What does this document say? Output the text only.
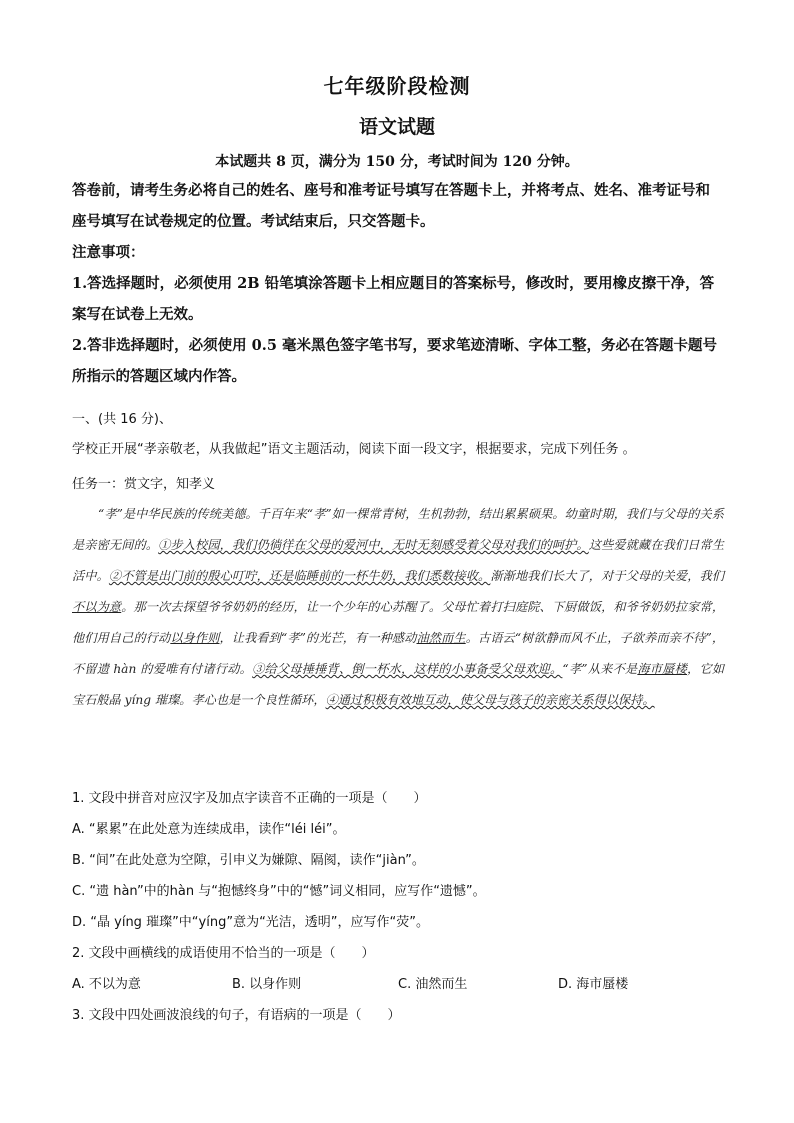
七年级阶段检测
语文试题
本试题共 8 页，满分为 150 分，考试时间为 120 分钟。
答卷前，请考生务必将自己的姓名、座号和准考证号填写在答题卡上，并将考点、姓名、准考证号和座号填写在试卷规定的位置。考试结束后，只交答题卡。
注意事项：
1.答选择题时，必须使用 2B 铅笔填涂答题卡上相应题目的答案标号，修改时，要用橡皮擦干净，答案写在试卷上无效。
2.答非选择题时，必须使用 0.5 毫米黑色签字笔书写，要求笔迹清晰、字体工整，务必在答题卡题号所指示的答题区域内作答。
一、(共 16 分)、
学校正开展“孝亲敬老，从我做起”语文主题活动，阅读下面一段文字，根据要求，完成下列任务 。
任务一：赏文字，知孝义
“孝”是中华民族的传统美德。千百年来“孝”如一棵常青树，生机勃勃，结出累累硕果。幼童时期，我们与父母的关系是亲密无间的。①步入校园，我们仍徜徉在父母的爱河中，无时无刻感受着父母对我们的呵护。这些爱就藏在我们日常生活中。②不管是出门前的殷心叮咛，还是临睡前的一杯牛奶，我们悉数接收。渐渐地我们长大了，对于父母的关爱，我们不以为意。那一次去探望爷爷奶奶的经历，让一个少年的心苏醒了。父母忙着打扫庭院、下厨做饭，和爷爷奶奶拉家常，他们用自己的行动以身作则，让我看到“孝”的光芒，有一种感动油然而生。古语云“树欲静而风不止，子欲养而亲不待”，不留遗 hàn 的爱唯有付诸行动。③给父母捶捶背、倒一杯水，这样的小事备受父母欢迎。“孝”从来不是海市蜃楼，它如宝石般晶 yíng 璀璨。孝心也是一个良性循环，④通过积极有效地互动，使父母与孩子的亲密关系得以保持。
1. 文段中拼音对应汉字及加点字读音不正确的一项是（　　）
A. “累累”在此处意为连续成串，读作“léi léi”。
B. “间”在此处意为空隙，引申义为嫌隙、隔阂，读作“jiàn”。
C. “遗 hàn”中的hàn 与“抱憾终身”中的“憾”词义相同，应写作“遗憾”。
D. “晶 yíng 璀璨”中“yíng”意为“光洁，透明”，应写作“荧”。
2. 文段中画横线的成语使用不恰当的一项是（　　）
A. 不以为意	B. 以身作则	C. 油然而生	D. 海市蜃楼
3. 文段中四处画波浪线的句子，有语病的一项是（　　）
